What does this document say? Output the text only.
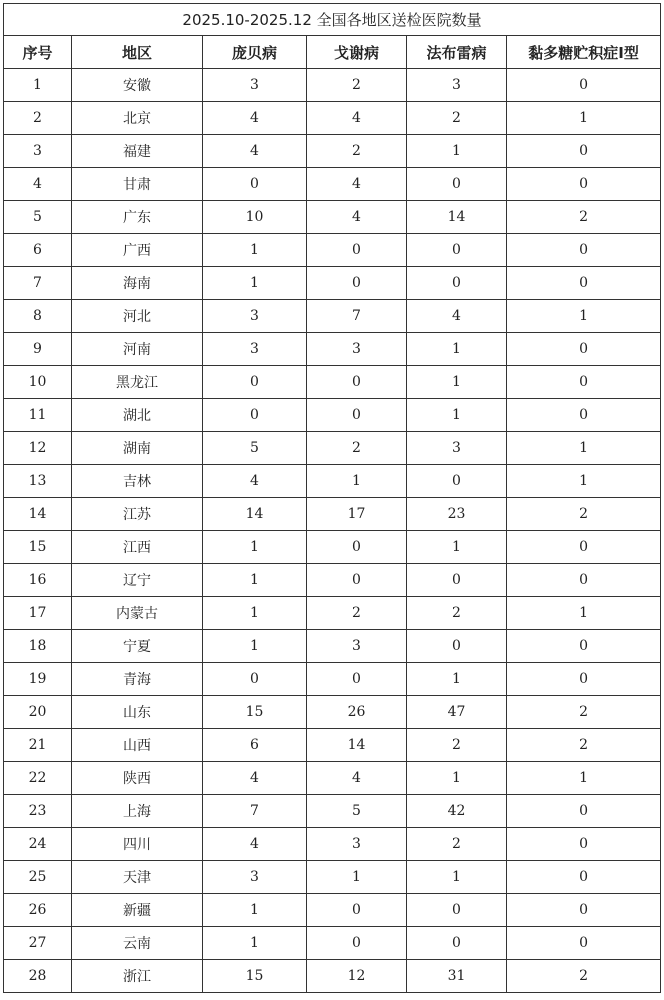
2025.10-2025.12 全国各地区送检医院数量					
序号	地区	庞贝病	戈谢病	法布雷病	黏多糖贮积症Ⅰ型
1	安徽	3	2	3	0
2	北京	4	4	2	1
3	福建	4	2	1	0
4	甘肃	0	4	0	0
5	广东	10	4	14	2
6	广西	1	0	0	0
7	海南	1	0	0	0
8	河北	3	7	4	1
9	河南	3	3	1	0
10	黑龙江	0	0	1	0
11	湖北	0	0	1	0
12	湖南	5	2	3	1
13	吉林	4	1	0	1
14	江苏	14	17	23	2
15	江西	1	0	1	0
16	辽宁	1	0	0	0
17	内蒙古	1	2	2	1
18	宁夏	1	3	0	0
19	青海	0	0	1	0
20	山东	15	26	47	2
21	山西	6	14	2	2
22	陕西	4	4	1	1
23	上海	7	5	42	0
24	四川	4	3	2	0
25	天津	3	1	1	0
26	新疆	1	0	0	0
27	云南	1	0	0	0
28	浙江	15	12	31	2
